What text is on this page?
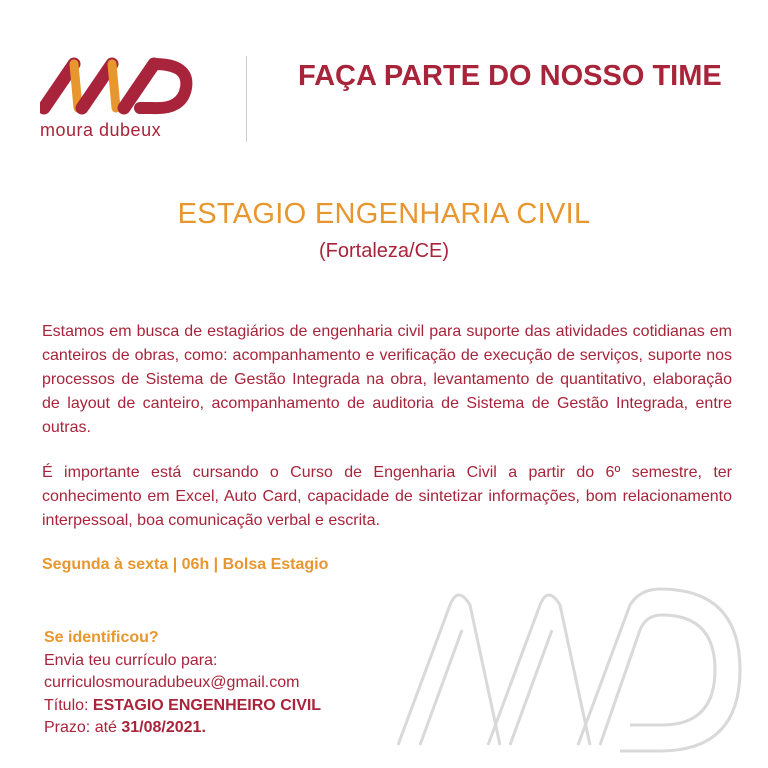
moura dubeux
FAÇA PARTE DO NOSSO TIME
ESTAGIO ENGENHARIA CIVIL
(Fortaleza/CE)

Estamos em busca de estagiários de engenharia civil para suporte das atividades cotidianas em canteiros de obras, como: acompanhamento e verificação de execução de serviços, suporte nos processos de Sistema de Gestão Integrada na obra, levantamento de quantitativo, elaboração de layout de canteiro, acompanhamento de auditoria de Sistema de Gestão Integrada, entre outras.

É importante está cursando o Curso de Engenharia Civil a partir do 6º semestre, ter conhecimento em Excel, Auto Card, capacidade de sintetizar informações, bom relacionamento interpessoal, boa comunicação verbal e escrita.

Segunda à sexta | 06h | Bolsa Estagio
Se identificou?
Envia teu currículo para:
curriculosmouradubeux@gmail.com
Título: ESTAGIO ENGENHEIRO CIVIL
Prazo: até 31/08/2021.
